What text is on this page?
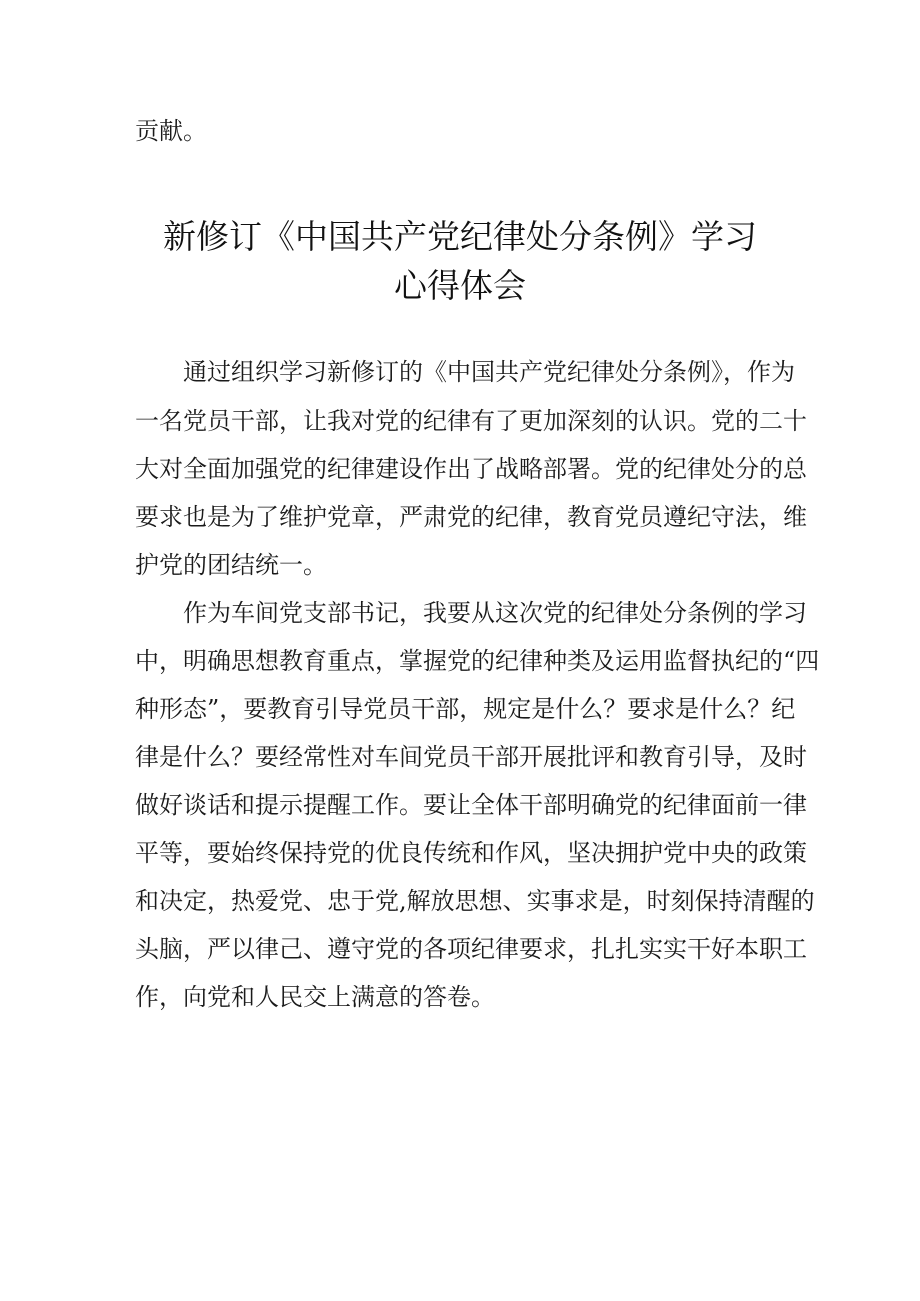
贡献。
新修订《中国共产党纪律处分条例》学习
心得体会
　　通过组织学习新修订的《中国共产党纪律处分条例》，作为
一名党员干部，让我对党的纪律有了更加深刻的认识。党的二十
大对全面加强党的纪律建设作出了战略部署。党的纪律处分的总
要求也是为了维护党章，严肃党的纪律，教育党员遵纪守法，维
护党的团结统一。
　　作为车间党支部书记，我要从这次党的纪律处分条例的学习
中，明确思想教育重点，掌握党的纪律种类及运用监督执纪的“四
种形态”，要教育引导党员干部，规定是什么？要求是什么？纪
律是什么？要经常性对车间党员干部开展批评和教育引导，及时
做好谈话和提示提醒工作。要让全体干部明确党的纪律面前一律
平等，要始终保持党的优良传统和作风，坚决拥护党中央的政策
和决定，热爱党、忠于党,解放思想、实事求是，时刻保持清醒的
头脑，严以律己、遵守党的各项纪律要求，扎扎实实干好本职工
作，向党和人民交上满意的答卷。
